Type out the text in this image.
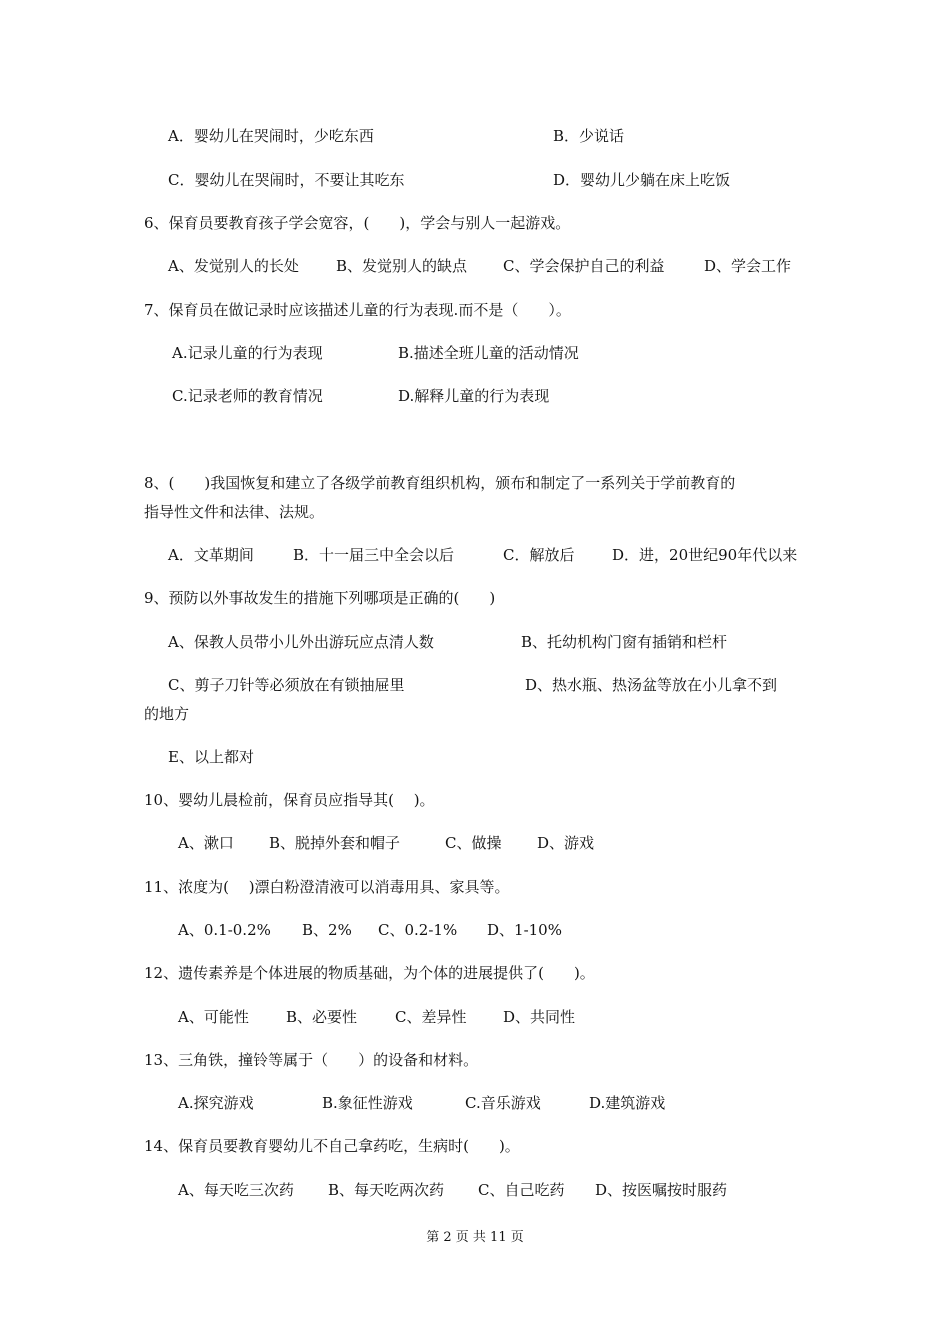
A．婴幼儿在哭闹时，少吃东西	B．少说话
C．婴幼儿在哭闹时，不要让其吃东	D．婴幼儿少躺在床上吃饭
6、保育员要教育孩子学会宽容，(　　)，学会与别人一起游戏。
A、发觉别人的长处 B、发觉别人的缺点 C、学会保护自己的利益	D、学会工作
7、保育员在做记录时应该描述儿童的行为表现.而不是（　　）。
A.记录儿童的行为表现	B.描述全班儿童的活动情况
C.记录老师的教育情况	D.解释儿童的行为表现
8、(　　)我国恢复和建立了各级学前教育组织机构，颁布和制定了一系列关于学前教育的
指导性文件和法律、法规。
A．文革期间	B．十一届三中全会以后	C．解放后	D．进，20世纪90年代以来
9、预防以外事故发生的措施下列哪项是正确的(　　)
A、保教人员带小儿外出游玩应点清人数	B、托幼机构门窗有插销和栏杆
C、剪子刀针等必须放在有锁抽屉里	D、热水瓶、热汤盆等放在小儿拿不到
的地方
E、以上都对
10、婴幼儿晨检前，保育员应指导其(　 )。
A、漱口 B、脱掉外套和帽子	C、做操 D、游戏
11、浓度为(　 )漂白粉澄清液可以消毒用具、家具等。
A、0.1-0.2% B、2% C、0.2-1% D、1-10%
12、遗传素养是个体进展的物质基础，为个体的进展提供了(　　)。
A、可能性 B、必要性	C、差异性 D、共同性
13、三角铁，撞铃等属于（　　）的设备和材料。
A.探究游戏	B.象征性游戏	C.音乐游戏	D.建筑游戏
14、保育员要教育婴幼儿不自己拿药吃，生病时(　　)。
A、每天吃三次药 B、每天吃两次药 C、自己吃药 D、按医嘱按时服药
第 2 页 共 11 页
